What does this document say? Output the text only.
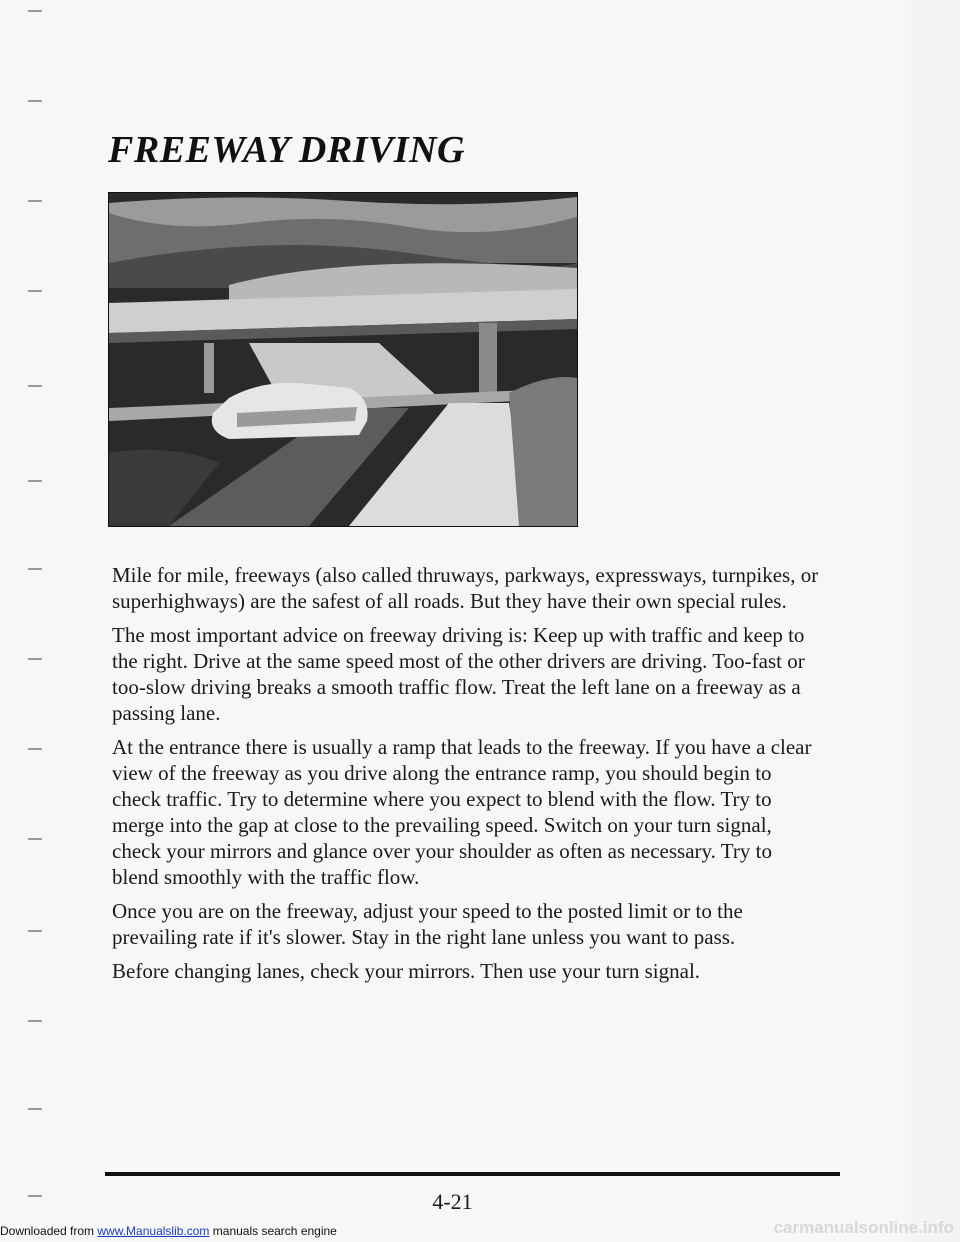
FREEWAY DRIVING

Mile for mile, freeways (also called thruways, parkways, expressways, turnpikes, or superhighways) are the safest of all roads. But they have their own special rules.

The most important advice on freeway driving is: Keep up with traffic and keep to the right. Drive at the same speed most of the other drivers are driving. Too-fast or too-slow driving breaks a smooth traffic flow. Treat the left lane on a freeway as a passing lane.

At the entrance there is usually a ramp that leads to the freeway. If you have a clear view of the freeway as you drive along the entrance ramp, you should begin to check traffic. Try to determine where you expect to blend with the flow. Try to merge into the gap at close to the prevailing speed. Switch on your turn signal, check your mirrors and glance over your shoulder as often as necessary. Try to blend smoothly with the traffic flow.

Once you are on the freeway, adjust your speed to the posted limit or to the prevailing rate if it's slower. Stay in the right lane unless you want to pass.

Before changing lanes, check your mirrors. Then use your turn signal.

4-21
Downloaded from www.Manualslib.com manuals search engine	carmanualsonline.info
